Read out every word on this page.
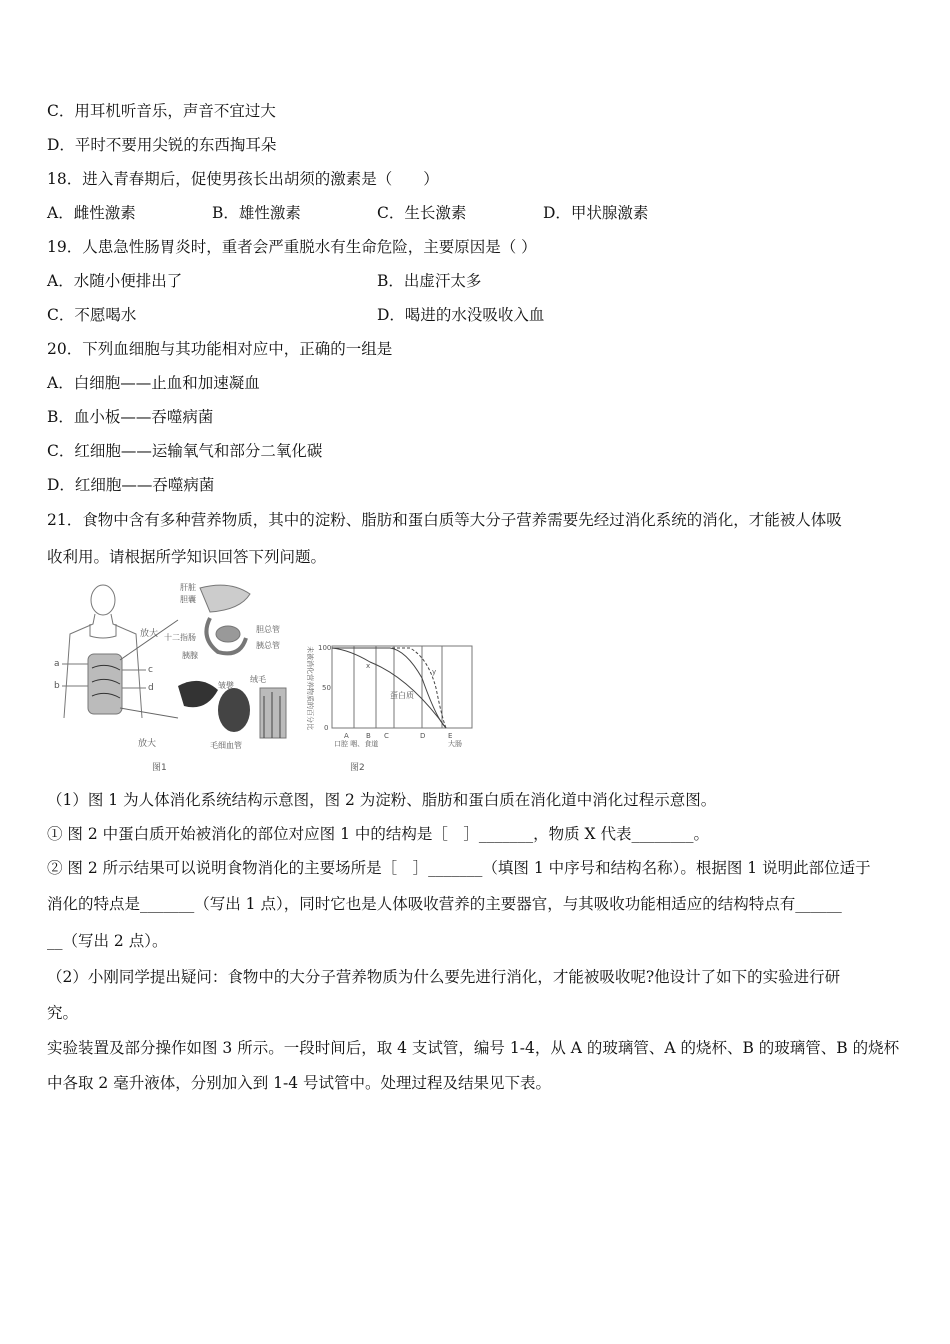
C．用耳机听音乐，声音不宜过大
D．平时不要用尖锐的东西掏耳朵
18．进入青春期后，促使男孩长出胡须的激素是（　　）
A．雌性激素	B．雄性激素	C．生长激素	D．甲状腺激素
19．人患急性肠胃炎时，重者会严重脱水有生命危险，主要原因是（ ）
A．水随小便排出了	B．出虚汗太多
C．不愿喝水	D．喝进的水没吸收入血
20．下列血细胞与其功能相对应中，正确的一组是
A．白细胞——止血和加速凝血
B．血小板——吞噬病菌
C．红细胞——运输氧气和部分二氧化碳
D．红细胞——吞噬病菌
21．食物中含有多种营养物质，其中的淀粉、脂肪和蛋白质等大分子营养需要先经过消化系统的消化，才能被人体吸
收利用。请根据所学知识回答下列问题。
a
b
c
d
放大
放大
肝脏
胆囊
十二指肠
胰腺
胆总管
胰总管
皱襞
绒毛
毛细血管
图1
未被消化营养物质的百分比 100
50
0
A B C	D	E
口腔 咽、食道	大肠
x
y
蛋白质
图2
（1）图 1 为人体消化系统结构示意图，图 2 为淀粉、脂肪和蛋白质在消化道中消化过程示意图。
① 图 2 中蛋白质开始被消化的部位对应图 1 中的结构是［　］_______，物质 X 代表________。
② 图 2 所示结果可以说明食物消化的主要场所是［　］_______（填图 1 中序号和结构名称）。根据图 1 说明此部位适于
消化的特点是_______（写出 1 点），同时它也是人体吸收营养的主要器官，与其吸收功能相适应的结构特点有______
__（写出 2 点）。
（2）小刚同学提出疑问：食物中的大分子营养物质为什么要先进行消化，才能被吸收呢?他设计了如下的实验进行研
究。
实验装置及部分操作如图 3 所示。一段时间后，取 4 支试管，编号 1-4，从 A 的玻璃管、A 的烧杯、B 的玻璃管、B 的烧杯
中各取 2 毫升液体，分别加入到 1-4 号试管中。处理过程及结果见下表。
